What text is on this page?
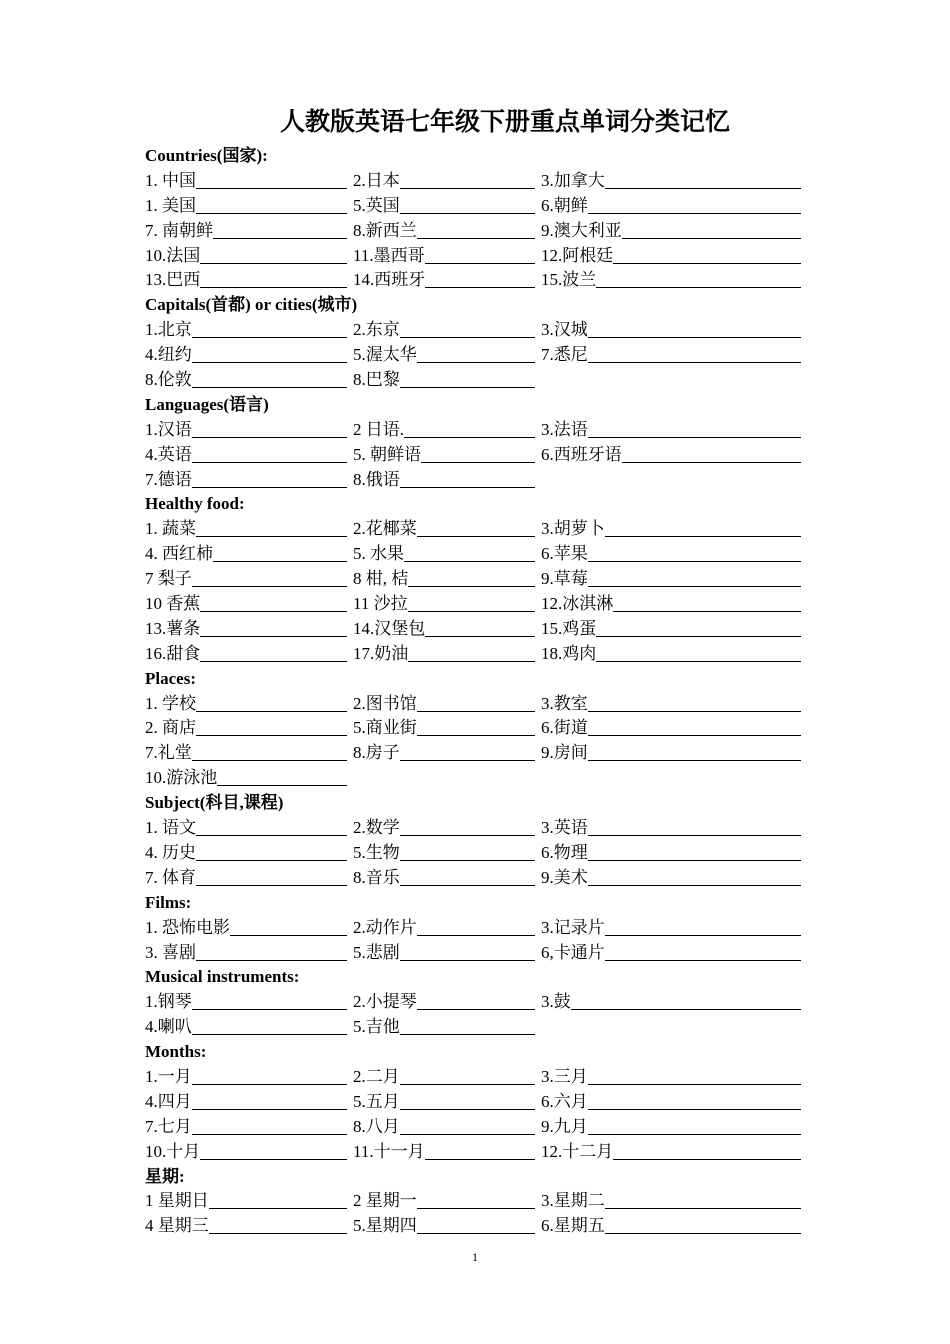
人教版英语七年级下册重点单词分类记忆
Countries(国家):
1. 中国	2.日本	3.加拿大
1. 美国	5.英国	6.朝鲜
7. 南朝鲜	8.新西兰	9.澳大利亚
10.法国	11.墨西哥	12.阿根廷
13.巴西	14.西班牙	15.波兰
Capitals(首都) or cities(城市)
1.北京	2.东京	3.汉城
4.纽约	5.渥太华	7.悉尼
8.伦敦	8.巴黎
Languages(语言)
1.汉语	2 日语.	3.法语
4.英语	5. 朝鲜语	6.西班牙语
7.德语	8.俄语
Healthy food:
1. 蔬菜	2.花椰菜	3.胡萝卜
4. 西红柿	5. 水果	6.苹果
7 梨子	8 柑, 桔	9.草莓
10 香蕉	11 沙拉	12.冰淇淋
13.薯条	14.汉堡包	15.鸡蛋
16.甜食	17.奶油	18.鸡肉
Places:
1. 学校	2.图书馆	3.教室
2. 商店	5.商业街	6.街道
7.礼堂	8.房子	9.房间
10.游泳池
Subject(科目,课程)
1. 语文	2.数学	3.英语
4. 历史	5.生物	6.物理
7. 体育	8.音乐	9.美术
Films:
1. 恐怖电影	2.动作片	3.记录片
3. 喜剧	5.悲剧	6,卡通片
Musical instruments:
1.钢琴	2.小提琴	3.鼓
4.喇叭	5.吉他
Months:
1.一月	2.二月	3.三月
4.四月	5.五月	6.六月
7.七月	8.八月	9.九月
10.十月	11.十一月	12.十二月
星期:
1 星期日	2 星期一	3.星期二
4 星期三	5.星期四	6.星期五
1
